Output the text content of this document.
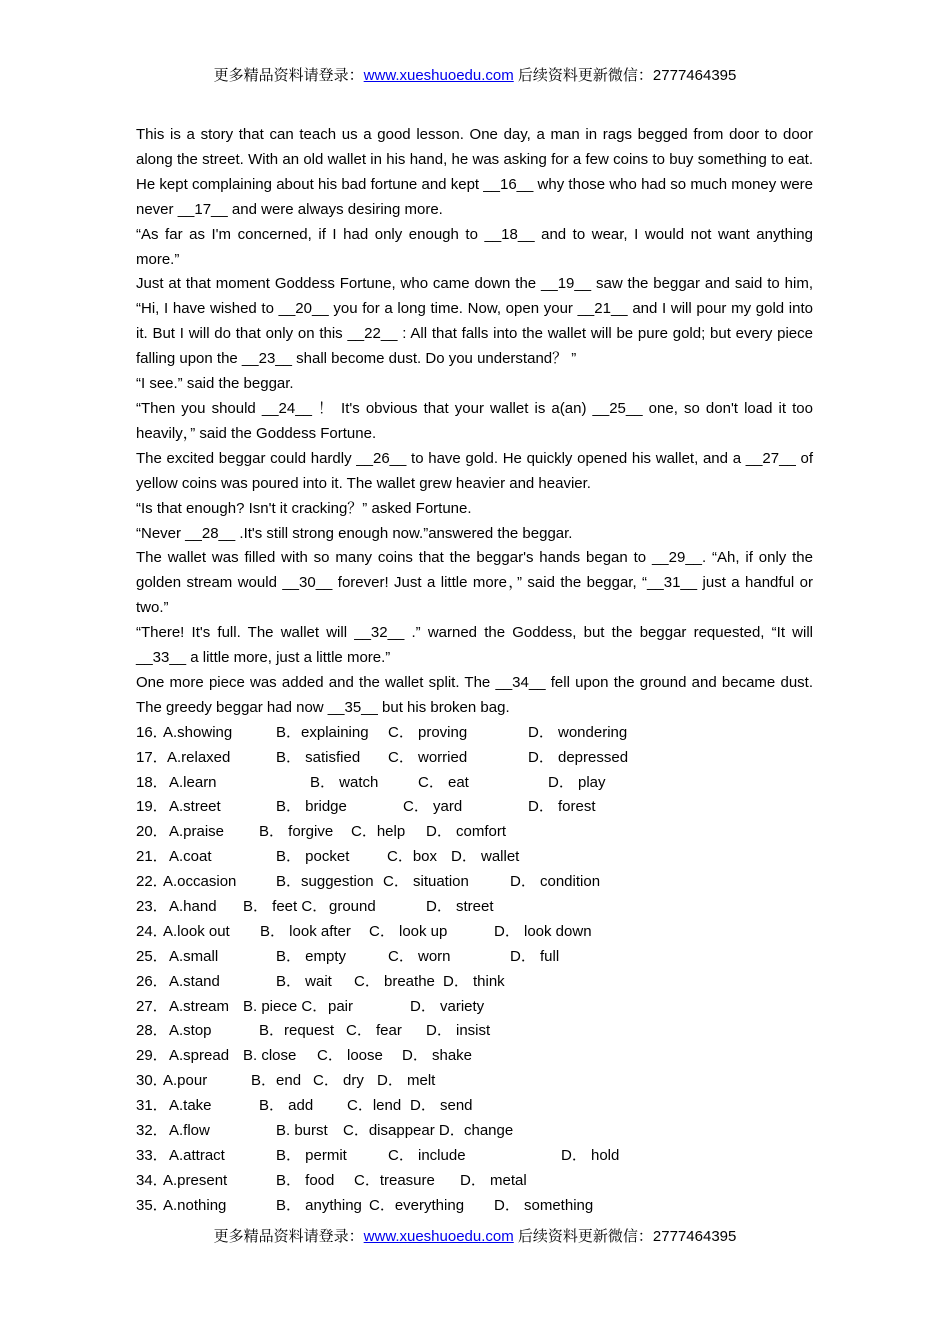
更多精品资料请登录：www.xueshuoedu.com 后续资料更新微信：2777464395

This is a story that can teach us a good lesson. One day, a man in rags begged from door to door along the street. With an old wallet in his hand, he was asking for a few coins to buy something to eat. He kept complaining about his bad fortune and kept __16__ why those who had so much money were never __17__ and were always desiring more.

“As far as I'm concerned, if I had only enough to __18__ and to wear, I would not want anything more.”

Just at that moment Goddess Fortune, who came down the __19__ saw the beggar and said to him, “Hi, I have wished to __20__ you for a long time. Now, open your __21__ and I will pour my gold into it. But I will do that only on this __22__ : All that falls into the wallet will be pure gold; but every piece falling upon the __23__ shall become dust. Do you understand？ ”

“I see.” said the beggar.

“Then you should __24__ ！ It's obvious that your wallet is a(an) __25__ one, so don't load it too heavily，” said the Goddess Fortune.

The excited beggar could hardly __26__ to have gold. He quickly opened his wallet, and a __27__ of yellow coins was poured into it. The wallet grew heavier and heavier.

“Is that enough? Isn't it cracking？” asked Fortune.

“Never __28__ .It's still strong enough now.”answered the beggar.

The wallet was filled with so many coins that the beggar's hands began to __29__. “Ah, if only the golden stream would __30__ forever! Just a little more，” said the beggar, “__31__ just a handful or two.”

“There! It's full. The wallet will __32__ .” warned the Goddess, but the beggar requested, “It will __33__ a little more, just a little more.”

One more piece was added and the wallet split. The __34__ fell upon the ground and became dust. The greedy beggar had now __35__ but his broken bag.

16．
A.showing	B．explaining C． proving	D． wondering
17． A.relaxed	B． satisfied C． worried	D． depressed
18． A.learn	B． watch	C． eat	D． play
19． A.street	B． bridge	C． yard	D． forest
20． A.praise B． forgive C．help D． comfort
21． A.coat	B． pocket	C．box D． wallet
22．
A.occasion	B．suggestion C． situation	D． condition
23． A.hand B． feet C． ground	D． street
24．
A.look out B． look after C． look up	D． look down
25． A.small	B． empty	C． worn	D． full
26． A.stand	B． wait C． breathe D． think
27． A.stream B. piece C． pair	D． variety
28． A.stop	B．request C． fear D． insist
29． A.spread B. close C． loose D． shake
30．
A.pour	B．end C． dry D． melt
31． A.take	B． add C．lend D． send
32． A.flow	B. burst C．disappear D． change
33． A.attract	B． permit	C． include	D． hold
34．
A.present	B． food C．treasure D． metal
35．
A.nothing	B． anything C．everything D． something
更多精品资料请登录：www.xueshuoedu.com 后续资料更新微信：2777464395
